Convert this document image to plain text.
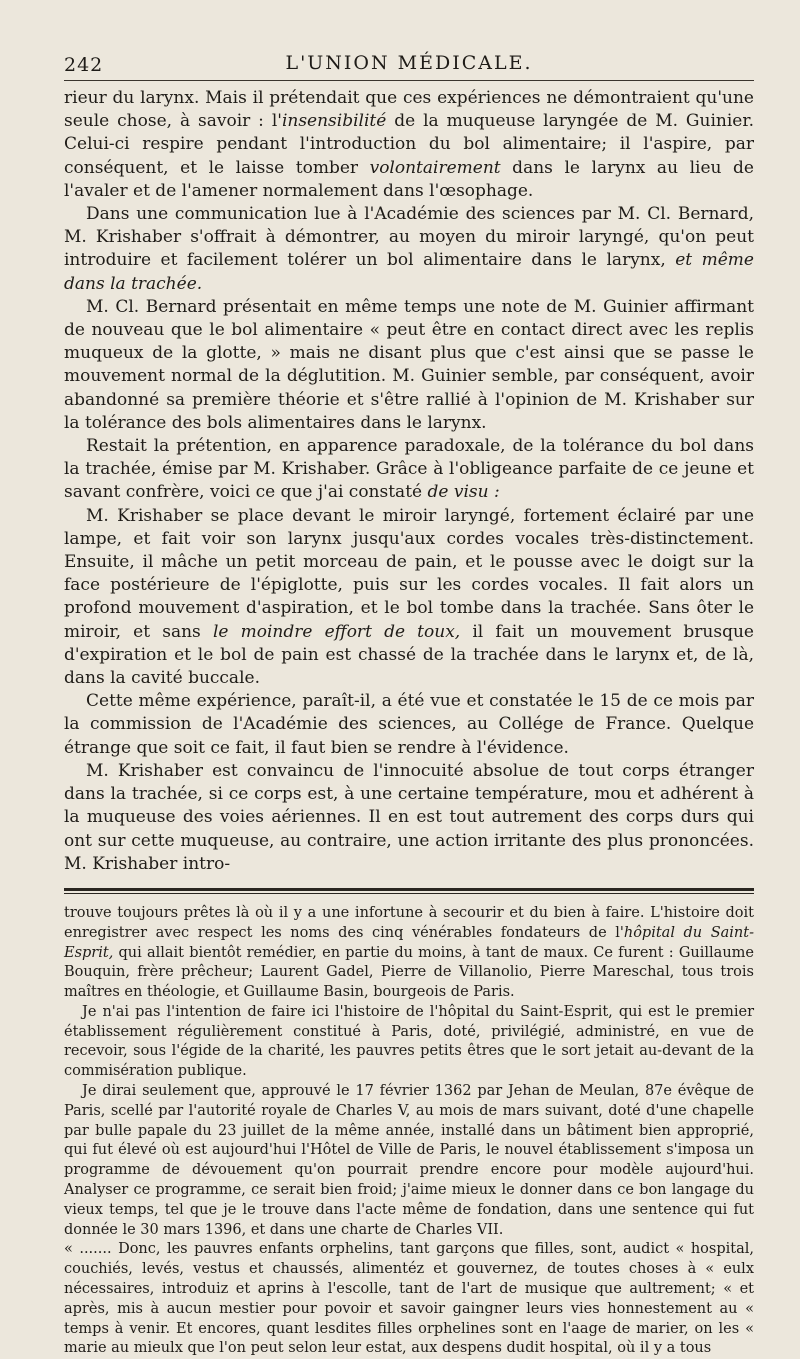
242	L'UNION MÉDICALE.

rieur du larynx. Mais il prétendait que ces expériences ne démontraient qu'une seule chose, à savoir : l'insensibilité de la muqueuse laryngée de M. Guinier. Celui-ci respire pendant l'introduction du bol alimentaire; il l'aspire, par conséquent, et le laisse tomber volontairement dans le larynx au lieu de l'avaler et de l'amener normalement dans l'œsophage.

Dans une communication lue à l'Académie des sciences par M. Cl. Bernard, M. Krishaber s'offrait à démontrer, au moyen du miroir laryngé, qu'on peut introduire et facilement tolérer un bol alimentaire dans le larynx, et même dans la trachée.

M. Cl. Bernard présentait en même temps une note de M. Guinier affirmant de nouveau que le bol alimentaire « peut être en contact direct avec les replis muqueux de la glotte, » mais ne disant plus que c'est ainsi que se passe le mouvement normal de la déglutition. M. Guinier semble, par conséquent, avoir abandonné sa première théorie et s'être rallié à l'opinion de M. Krishaber sur la tolérance des bols alimentaires dans le larynx.

Restait la prétention, en apparence paradoxale, de la tolérance du bol dans la trachée, émise par M. Krishaber. Grâce à l'obligeance parfaite de ce jeune et savant confrère, voici ce que j'ai constaté de visu :

M. Krishaber se place devant le miroir laryngé, fortement éclairé par une lampe, et fait voir son larynx jusqu'aux cordes vocales très-distinctement. Ensuite, il mâche un petit morceau de pain, et le pousse avec le doigt sur la face postérieure de l'épiglotte, puis sur les cordes vocales. Il fait alors un profond mouvement d'aspiration, et le bol tombe dans la trachée. Sans ôter le miroir, et sans le moindre effort de toux, il fait un mouvement brusque d'expiration et le bol de pain est chassé de la trachée dans le larynx et, de là, dans la cavité buccale.

Cette même expérience, paraît-il, a été vue et constatée le 15 de ce mois par la commission de l'Académie des sciences, au Collége de France. Quelque étrange que soit ce fait, il faut bien se rendre à l'évidence.

M. Krishaber est convaincu de l'innocuité absolue de tout corps étranger dans la trachée, si ce corps est, à une certaine température, mou et adhérent à la muqueuse des voies aériennes. Il en est tout autrement des corps durs qui ont sur cette muqueuse, au contraire, une action irritante des plus prononcées. M. Krishaber intro-

trouve toujours prêtes là où il y a une infortune à secourir et du bien à faire. L'histoire doit enregistrer avec respect les noms des cinq vénérables fondateurs de l'hôpital du Saint-Esprit, qui allait bientôt remédier, en partie du moins, à tant de maux. Ce furent : Guillaume Bouquin, frère prêcheur; Laurent Gadel, Pierre de Villanolio, Pierre Mareschal, tous trois maîtres en théologie, et Guillaume Basin, bourgeois de Paris.

Je n'ai pas l'intention de faire ici l'histoire de l'hôpital du Saint-Esprit, qui est le premier établissement régulièrement constitué à Paris, doté, privilégié, administré, en vue de recevoir, sous l'égide de la charité, les pauvres petits êtres que le sort jetait au-devant de la commisération publique.

Je dirai seulement que, approuvé le 17 février 1362 par Jehan de Meulan, 87e évêque de Paris, scellé par l'autorité royale de Charles V, au mois de mars suivant, doté d'une chapelle par bulle papale du 23 juillet de la même année, installé dans un bâtiment bien approprié, qui fut élevé où est aujourd'hui l'Hôtel de Ville de Paris, le nouvel établissement s'imposa un programme de dévouement qu'on pourrait prendre encore pour modèle aujourd'hui. Analyser ce programme, ce serait bien froid; j'aime mieux le donner dans ce bon langage du vieux temps, tel que je le trouve dans l'acte même de fondation, dans une sentence qui fut donnée le 30 mars 1396, et dans une charte de Charles VII.

« ....... Donc, les pauvres enfants orphelins, tant garçons que filles, sont, audict « hospital, couchiés, levés, vestus et chaussés, alimentéz et gouvernez, de toutes choses à « eulx nécessaires, introduiz et aprins à l'escolle, tant de l'art de musique que aultrement; « et après, mis à aucun mestier pour povoir et savoir gaingner leurs vies honnestement au « temps à venir. Et encores, quant lesdites filles orphelines sont en l'aage de marier, on les « marie au mieulx que l'on peut selon leur estat, aux despens dudit hospital, où il y a tous
